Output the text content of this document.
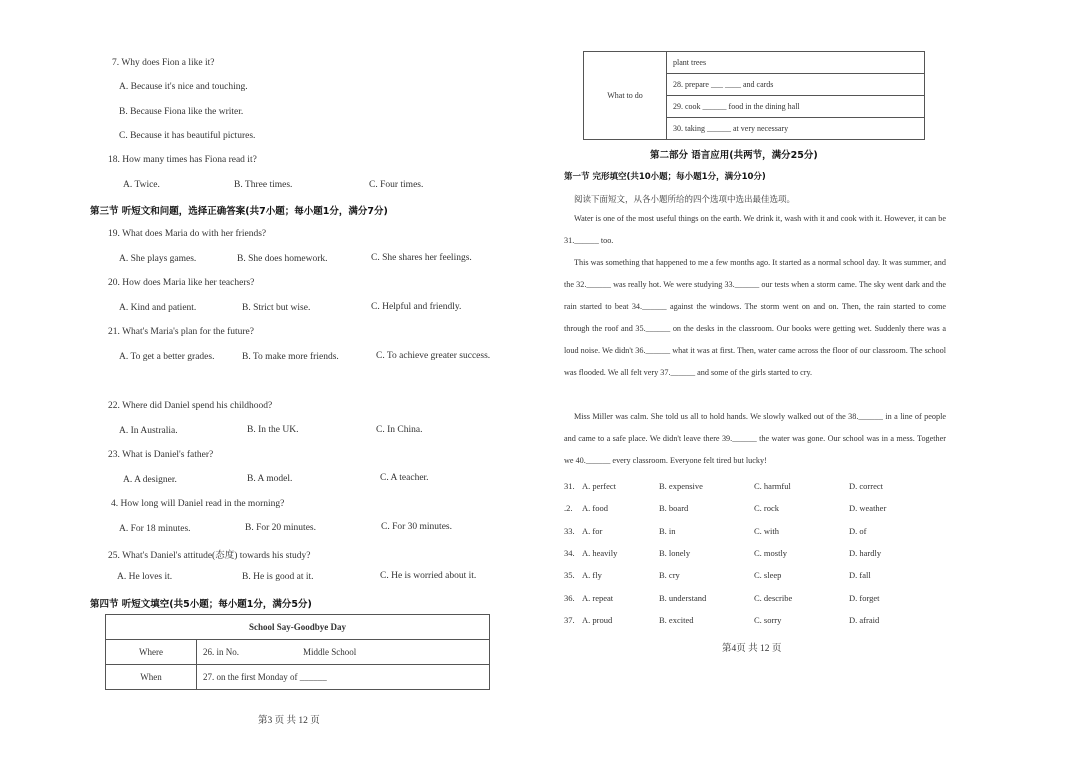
7. Why does Fion a like it?
A. Because it's nice and touching.
B. Because Fiona like the writer.
C. Because it has beautiful pictures.
18. How many times has Fiona read it?
A. Twice.	B. Three times.	C. Four times.
第三节 听短文和问题，选择正确答案(共7小题；每小题1分，满分7分)
19. What does Maria do with her friends?
A. She plays games.	B. She does homework.	C. She shares her feelings.
20. How does Maria like her teachers?
A. Kind and patient.	B. Strict but wise.	C. Helpful and friendly.
21. What's Maria's plan for the future?
A. To get a better grades.	B. To make more friends.	C. To achieve greater success.
22. Where did Daniel spend his childhood?
A. In Australia.	B. In the UK.	C. In China.
23. What is Daniel's father?
A. A designer.	B. A model.	C. A teacher.
4. How long will Daniel read in the morning?
A. For 18 minutes.	B. For 20 minutes.	C. For 30 minutes.
25. What's Daniel's attitude(态度) towards his study?
A. He loves it.	B. He is good at it.	C. He is worried about it.
第四节 听短文填空(共5小题；每小题1分，满分5分)
School Say-Goodbye Day		
Where	26. in No.	Middle School
When	27. on the first Monday of ______	
第3 页 共 12 页
What to do	plant trees
28. prepare ___ ____ and cards
29. cook ______ food in the dining hall
30. taking ______ at very necessary
第二部分 语言应用(共两节，满分25分)
第一节 完形填空(共10小题；每小题1分，满分10分)
阅读下面短文，从各小题所给的四个选项中选出最佳选项。
Water is one of the most useful things on the earth. We drink it, wash with it and cook with it. However, it can be 31.______ too.
This was something that happened to me a few months ago. It started as a normal school day. It was summer, and the 32.______ was really hot. We were studying 33.______ our tests when a storm came. The sky went dark and the rain started to beat 34.______ against the windows. The storm went on and on. Then, the rain started to come through the roof and 35.______ on the desks in the classroom. Our books were getting wet. Suddenly there was a loud noise. We didn't 36.______ what it was at first. Then, water came across the floor of our classroom. The school was flooded. We all felt very 37.______ and some of the girls started to cry.
Miss Miller was calm. She told us all to hold hands. We slowly walked out of the 38.______ in a line of people and came to a safe place. We didn't leave there 39.______ the water was gone. Our school was in a mess. Together we 40.______ every classroom. Everyone felt tired but lucky!
31. A. perfect	B. expensive	C. harmful	D. correct
.2. A. food	B. board	C. rock	D. weather
33. A. for	B. in	C. with	D. of
34. A. heavily	B. lonely	C. mostly	D. hardly
35. A. fly	B. cry	C. sleep	D. fall
36. A. repeat	B. understand	C. describe	D. forget
37. A. proud	B. excited	C. sorry	D. afraid
第4页 共 12 页
